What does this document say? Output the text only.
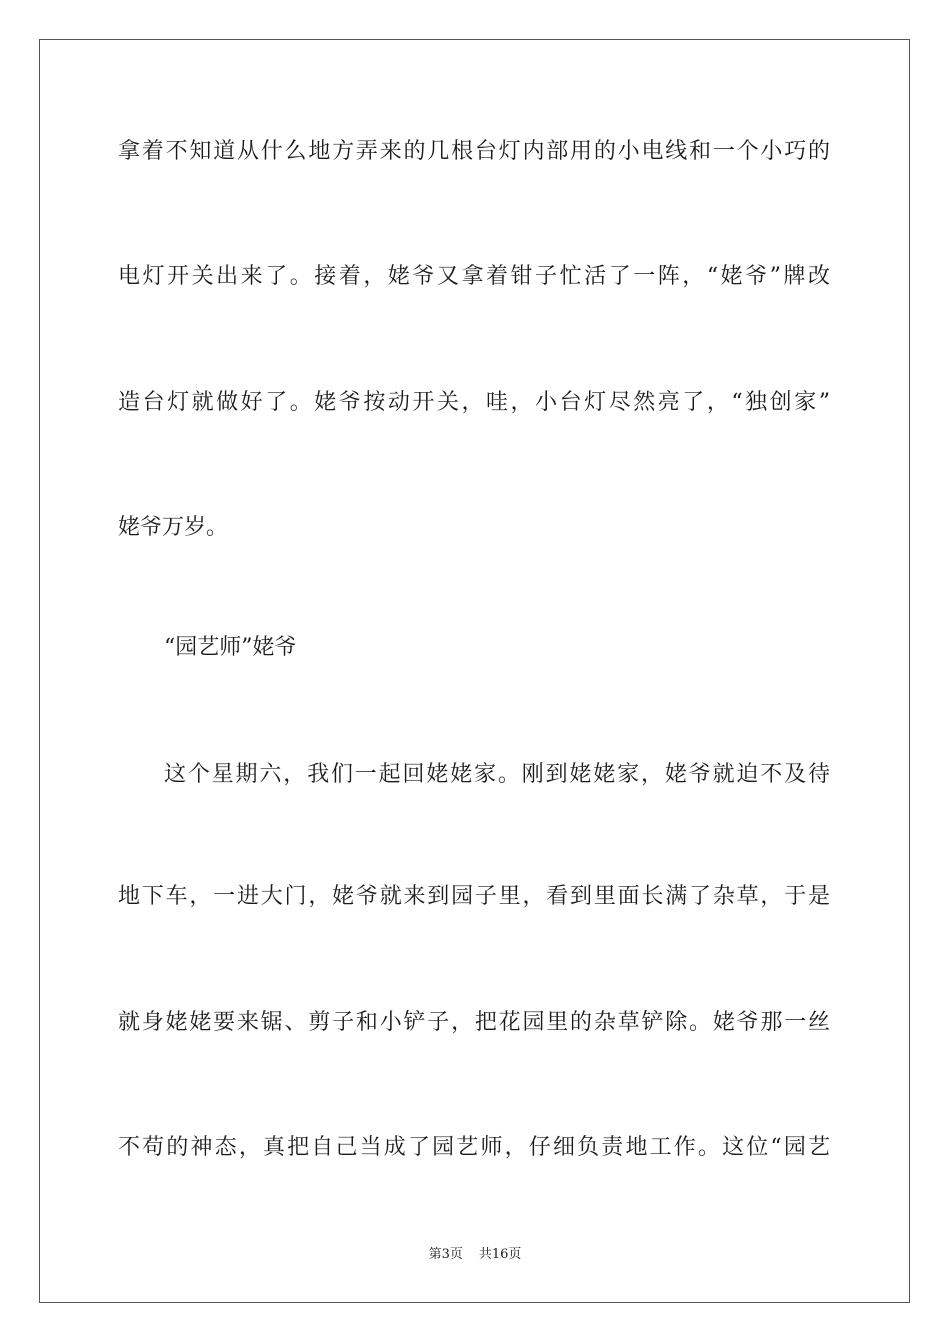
拿着不知道从什么地方弄来的几根台灯内部用的小电线和一个小巧的
电灯开关出来了。接着，姥爷又拿着钳子忙活了一阵，“姥爷”牌改
造台灯就做好了。姥爷按动开关，哇，小台灯尽然亮了，“独创家”
姥爷万岁。
“园艺师”姥爷
这个星期六，我们一起回姥姥家。刚到姥姥家，姥爷就迫不及待
地下车，一进大门，姥爷就来到园子里，看到里面长满了杂草，于是
就身姥姥要来锯、剪子和小铲子，把花园里的杂草铲除。姥爷那一丝
不苟的神态，真把自己当成了园艺师，仔细负责地工作。这位“园艺
第3页 共16页
